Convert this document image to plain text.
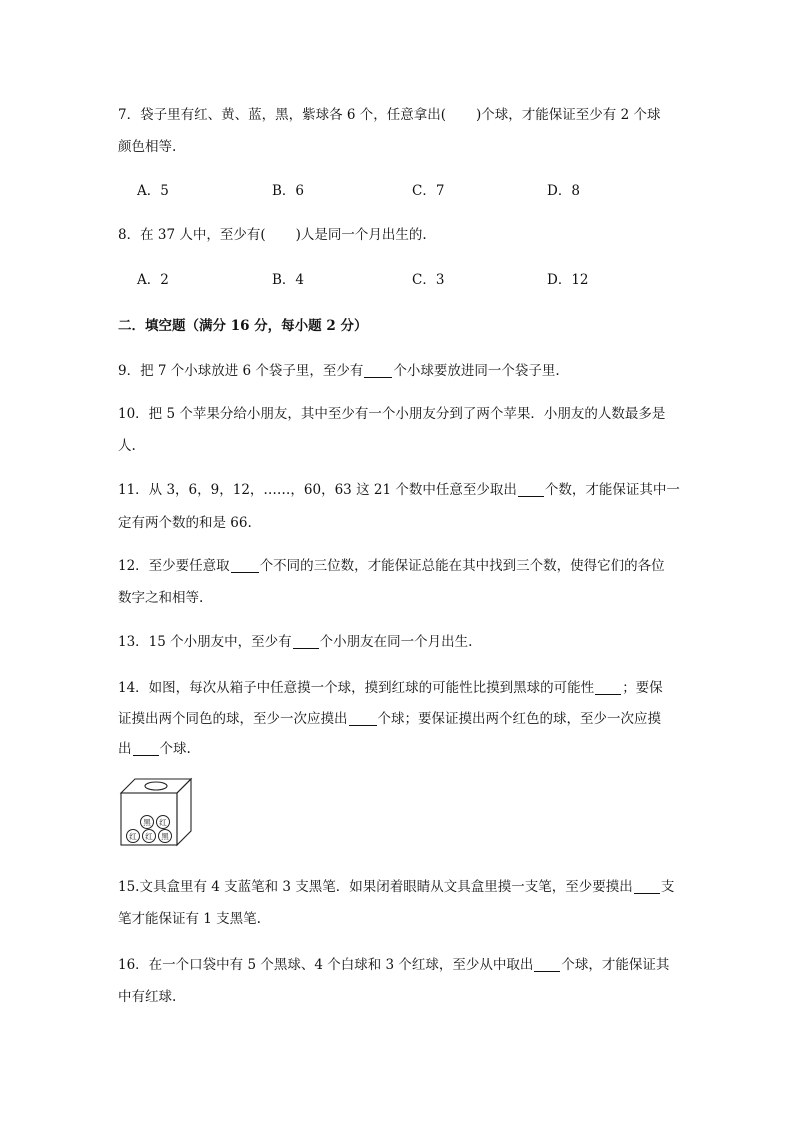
7．袋子里有红、黄、蓝，黑，紫球各 6 个，任意拿出( )个球，才能保证至少有 2 个球
颜色相等.
A．5	B．6	C．7	D．8
8．在 37 人中，至少有( )人是同一个月出生的.
A．2	B．4	C．3	D．12
二．填空题（满分 16 分，每小题 2 分）
9．把 7 个小球放进 6 个袋子里，至少有 个小球要放进同一个袋子里.
10．把 5 个苹果分给小朋友，其中至少有一个小朋友分到了两个苹果．小朋友的人数最多是
人.
11．从 3，6，9，12，……，60，63 这 21 个数中任意至少取出 个数，才能保证其中一
定有两个数的和是 66.
12．至少要任意取 个不同的三位数，才能保证总能在其中找到三个数，使得它们的各位
数字之和相等.
13．15 个小朋友中，至少有 个小朋友在同一个月出生.
14．如图，每次从箱子中任意摸一个球，摸到红球的可能性比摸到黑球的可能性 ；要保
证摸出两个同色的球，至少一次应摸出 个球；要保证摸出两个红色的球，至少一次应摸
出 个球.
黑 红
红 红 黑
15.文具盒里有 4 支蓝笔和 3 支黑笔．如果闭着眼睛从文具盒里摸一支笔，至少要摸出 支
笔才能保证有 1 支黑笔.
16．在一个口袋中有 5 个黑球、4 个白球和 3 个红球，至少从中取出 个球，才能保证其
中有红球.
